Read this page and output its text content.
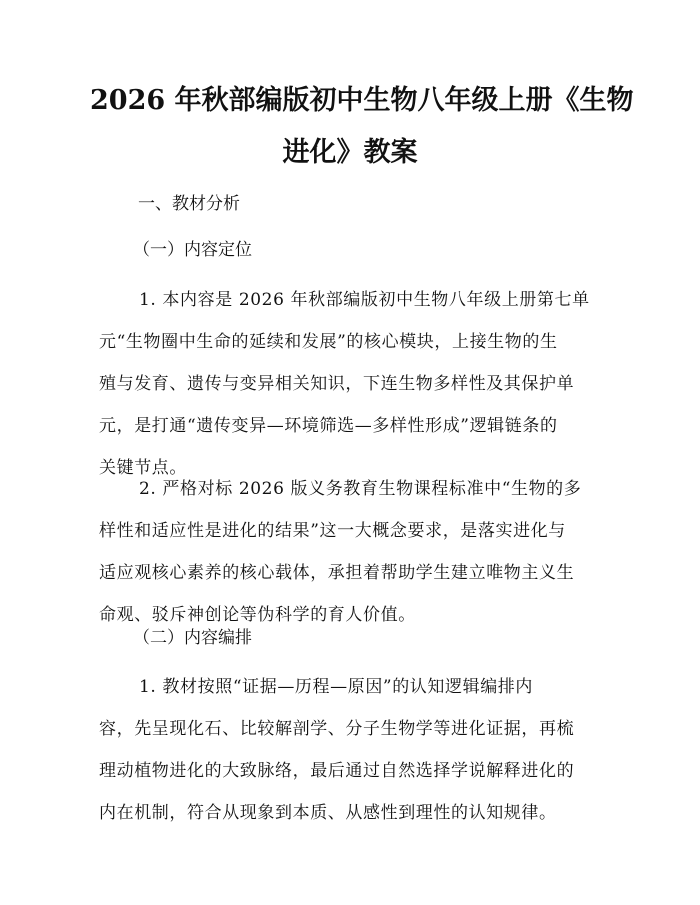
2026 年秋部编版初中生物八年级上册《生物
进化》教案

一、教材分析

（一）内容定位

1. 本内容是 2026 年秋部编版初中生物八年级上册第七单
元“生物圈中生命的延续和发展”的核心模块，上接生物的生
殖与发育、遗传与变异相关知识，下连生物多样性及其保护单
元，是打通“遗传变异—环境筛选—多样性形成”逻辑链条的
关键节点。
2. 严格对标 2026 版义务教育生物课程标准中“生物的多
样性和适应性是进化的结果”这一大概念要求，是落实进化与
适应观核心素养的核心载体，承担着帮助学生建立唯物主义生
命观、驳斥神创论等伪科学的育人价值。

（二）内容编排

1. 教材按照“证据—历程—原因”的认知逻辑编排内
容，先呈现化石、比较解剖学、分子生物学等进化证据，再梳
理动植物进化的大致脉络，最后通过自然选择学说解释进化的
内在机制，符合从现象到本质、从感性到理性的认知规律。
